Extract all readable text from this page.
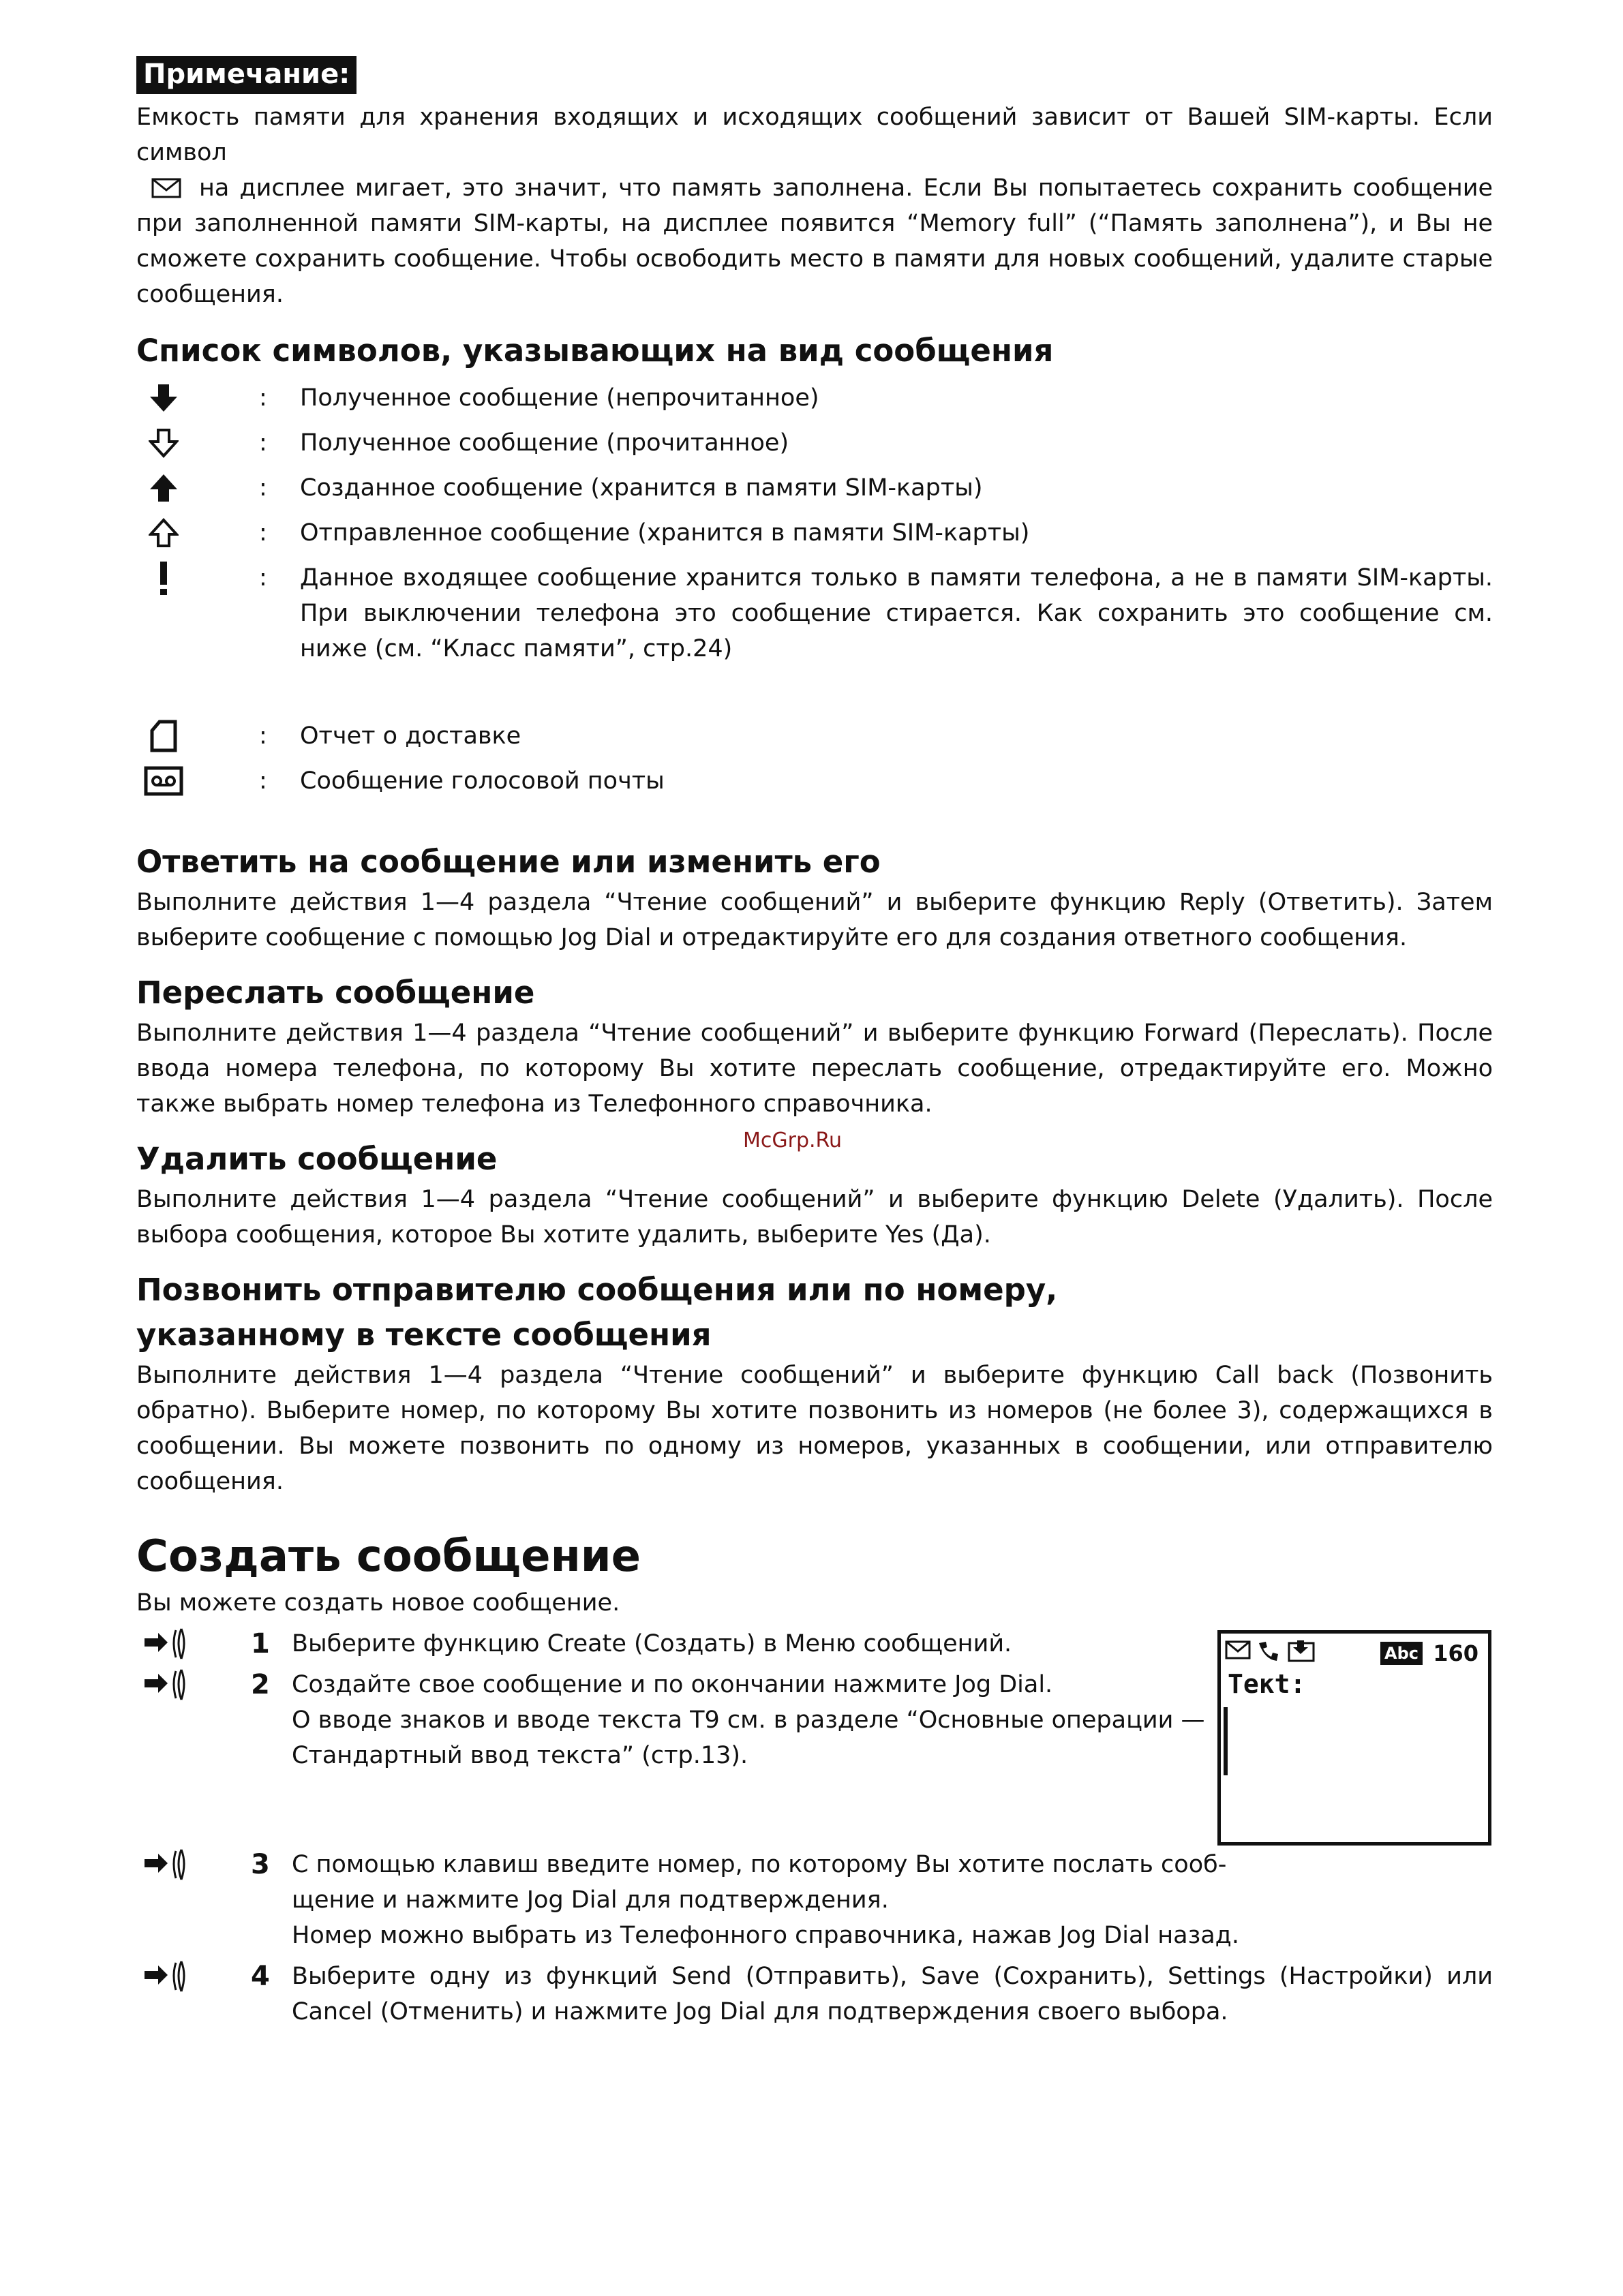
Примечание:
Емкость памяти для хранения входящих и исходящих сообщений зависит от Вашей SIM-карты. Если символ
на дисплее мигает, это значит, что память заполнена. Если Вы попытаетесь сохранить сообщение при заполненной памяти SIM-карты, на дисплее появится “Memory full” (“Память заполнена”), и Вы не сможете сохранить сообщение. Чтобы освободить место в памяти для новых сообщений, удалите старые сообщения.
Список символов, указывающих на вид сообщения
:	Полученное сообщение (непрочитанное)
:	Полученное сообщение (прочитанное)
:	Созданное сообщение (хранится в памяти SIM-карты)
:	Отправленное сообщение (хранится в памяти SIM-карты)
:	Данное входящее сообщение хранится только в памяти телефона, а не в памяти SIM-карты. При выключении телефона это сообщение стирается. Как сохранить это сообщение см. ниже (см. “Класс памяти”, стр.24)
:	Отчет о доставке
:	Сообщение голосовой почты
Ответить на сообщение или изменить его

Выполните действия 1—4 раздела “Чтение сообщений” и выберите функцию Reply (Ответить). Затем выберите сообщение с помощью Jog Dial и отредактируйте его для создания ответного сообщения.

Переслать сообщение

Выполните действия 1—4 раздела “Чтение сообщений” и выберите функцию Forward (Переслать). После ввода номера телефона, по которому Вы хотите переслать сообщение, отредактируйте его. Можно также выбрать номер телефона из Телефонного справочника.

Удалить сообщение

Выполните действия 1—4 раздела “Чтение сообщений” и выберите функцию Delete (Удалить). После выбора сообщения, которое Вы хотите удалить, выберите Yes (Да).

Позвонить отправителю сообщения или по номеру,
указанному в тексте сообщения

Выполните действия 1—4 раздела “Чтение сообщений” и выберите функцию Call back (Позвонить обратно). Выберите номер, по которому Вы хотите позвонить из номеров (не более 3), содержащихся в сообщении. Вы можете позвонить по одному из номеров, указанных в сообщении, или отправителю сообщения.

Создать сообщение

Вы можете создать новое сообщение.

1 Выберите функцию Create (Создать) в Меню сообщений.
2 Создайте свое сообщение и по окончании нажмите Jog Dial.
О вводе знаков и вводе текста T9 см. в разделе “Основные операции —
Стандартный ввод текста” (стр.13).
3 С помощью клавиш введите номер, по которому Вы хотите послать сооб-
щение и нажмите Jog Dial для подтверждения.
Номер можно выбрать из Телефонного справочника, нажав Jog Dial назад.
4 Выберите одну из функций Send (Отправить), Save (Сохранить), Settings (Настройки) или Cancel (Отменить) и нажмите Jog Dial для подтверждения своего выбора.
Abc 160
Текt:
McGrp.Ru
